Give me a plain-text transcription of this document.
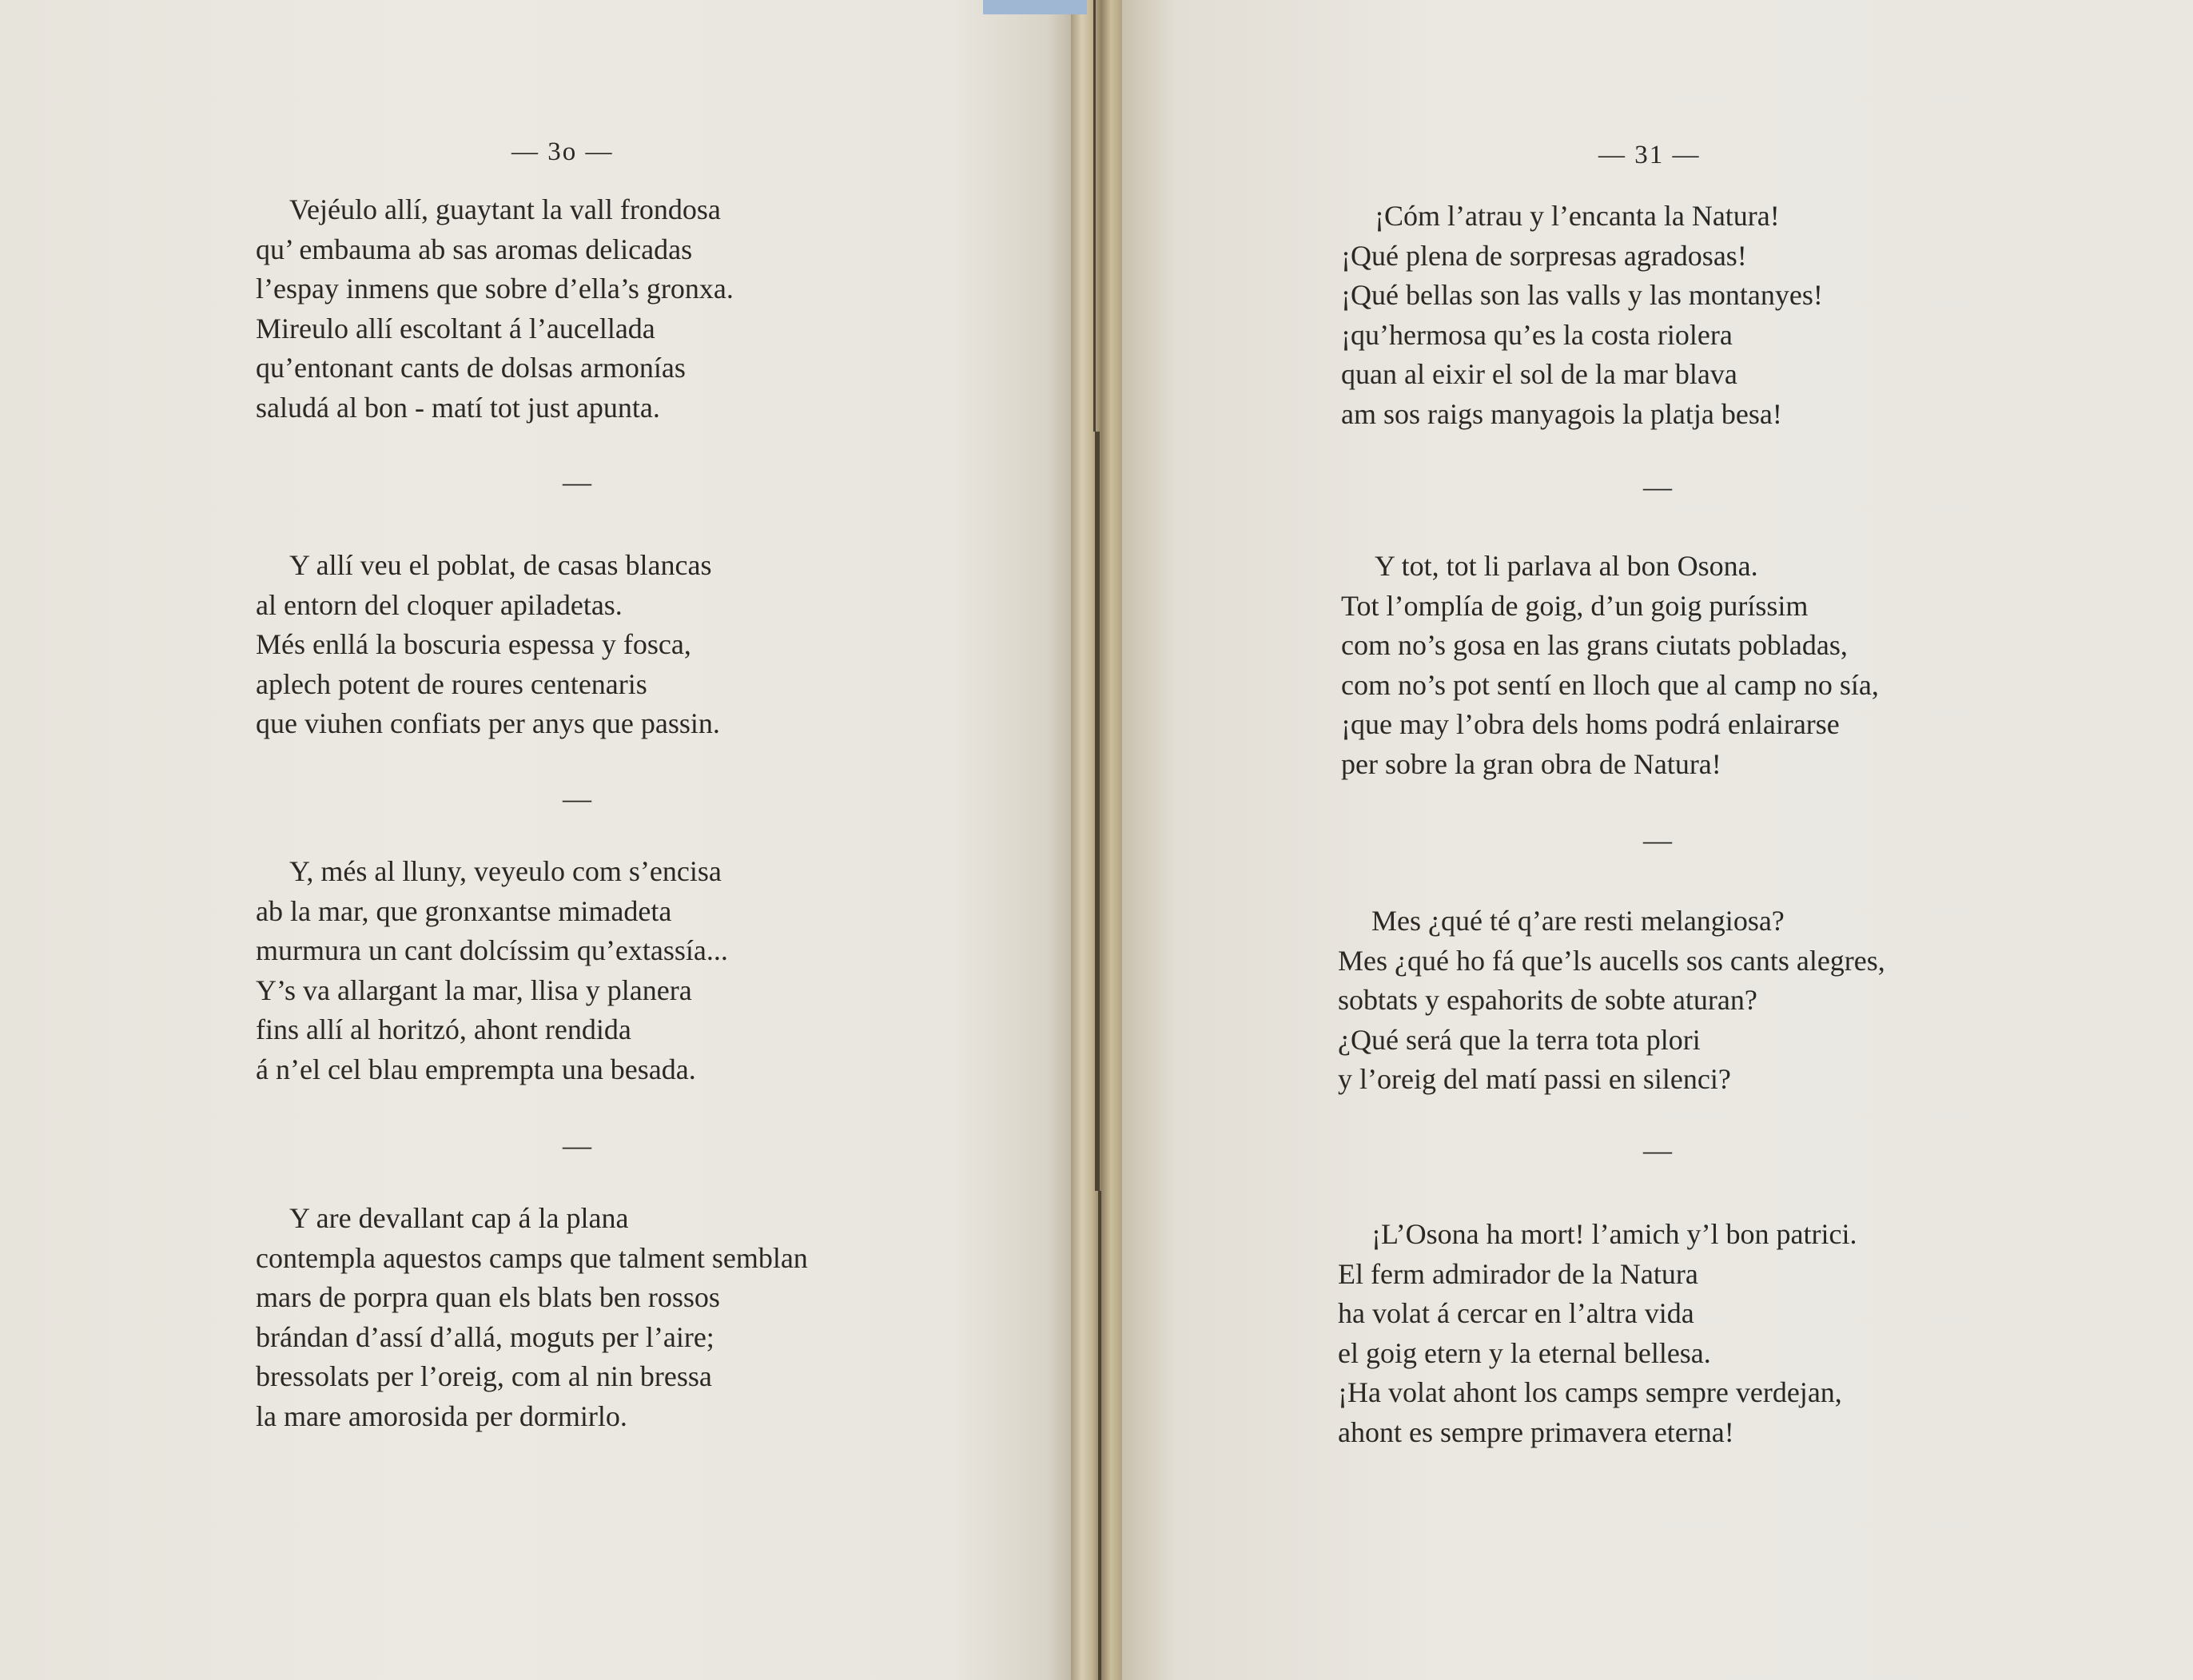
— 3o —
Vejéulo allí, guaytant la vall frondosa
qu’ embauma ab sas aromas delicadas
l’espay inmens que sobre d’ella’s gronxa.
Mireulo allí escoltant á l’aucellada
qu’entonant cants de dolsas armonías
saludá al bon - matí tot just apunta.
—
Y allí veu el poblat, de casas blancas
al entorn del cloquer apiladetas.
Més enllá la boscuria espessa y fosca,
aplech potent de roures centenaris
que viuhen confiats per anys que passin.
—
Y, més al lluny, veyeulo com s’encisa
ab la mar, que gronxantse mimadeta
murmura un cant dolcíssim qu’extassía...
Y’s va allargant la mar, llisa y planera
fins allí al horitzó, ahont rendida
á n’el cel blau emprempta una besada.
—
Y are devallant cap á la plana
contempla aquestos camps que talment semblan
mars de porpra quan els blats ben rossos
brándan d’assí d’allá, moguts per l’aire;
bressolats per l’oreig, com al nin bressa
la mare amorosida per dormirlo.
— 31 —
¡Cóm l’atrau y l’encanta la Natura!
¡Qué plena de sorpresas agradosas!
¡Qué bellas son las valls y las montanyes!
¡qu’hermosa qu’es la costa riolera
quan al eixir el sol de la mar blava
am sos raigs manyagois la platja besa!
—
Y tot, tot li parlava al bon Osona.
Tot l’omplía de goig, d’un goig puríssim
com no’s gosa en las grans ciutats pobladas,
com no’s pot sentí en lloch que al camp no sía,
¡que may l’obra dels homs podrá enlairarse
per sobre la gran obra de Natura!
—
Mes ¿qué té q’are resti melangiosa?
Mes ¿qué ho fá que’ls aucells sos cants alegres,
sobtats y espahorits de sobte aturan?
¿Qué será que la terra tota plori
y l’oreig del matí passi en silenci?
—
¡L’Osona ha mort! l’amich y’l bon patrici.
El ferm admirador de la Natura
ha volat á cercar en l’altra vida
el goig etern y la eternal bellesa.
¡Ha volat ahont los camps sempre verdejan,
ahont es sempre primavera eterna!
